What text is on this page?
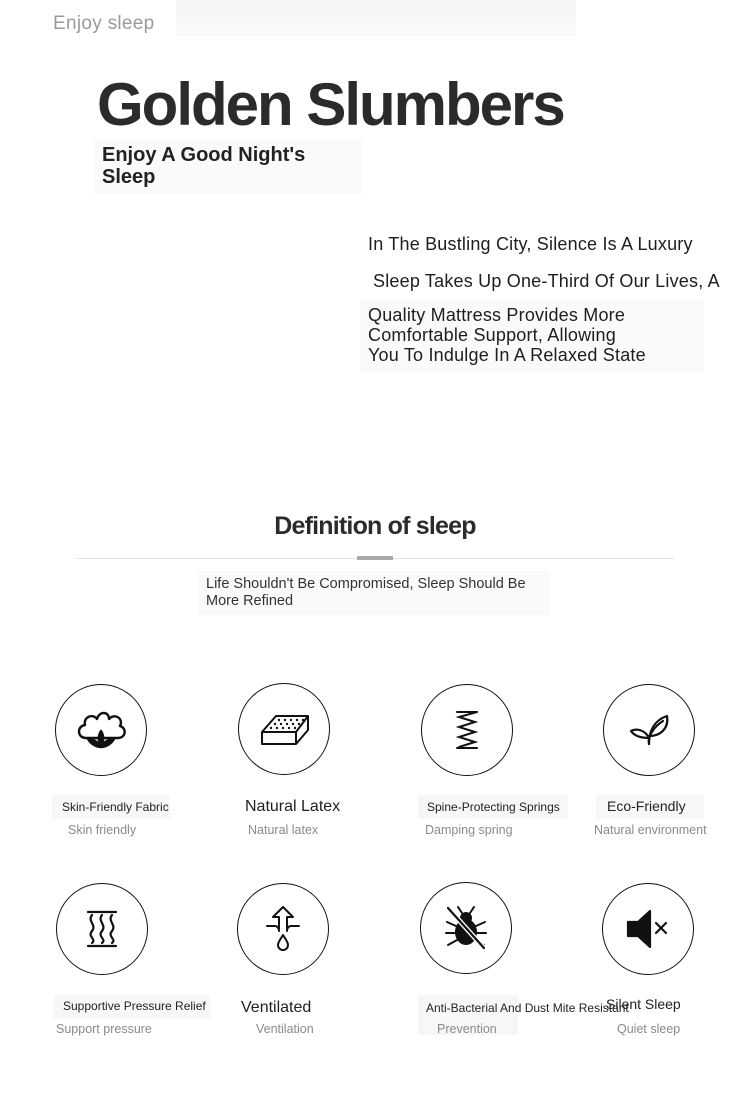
Enjoy sleep
Golden Slumbers
Enjoy A Good Night's
Sleep
In The Bustling City, Silence Is A Luxury
Sleep Takes Up One-Third Of Our Lives, A
Quality Mattress Provides More
Comfortable Support, Allowing
You To Indulge In A Relaxed State
Definition of sleep
Life Shouldn't Be Compromised, Sleep Should Be
More Refined
Skin-Friendly Fabric
Skin friendly
Natural Latex
Natural latex
Spine-Protecting Springs
Damping spring
Eco-Friendly
Natural environment
Supportive Pressure Relief
Support pressure
Ventilated
Ventilation
Anti-Bacterial And Dust Mite Resistant
Prevention
Silent Sleep
Quiet sleep
